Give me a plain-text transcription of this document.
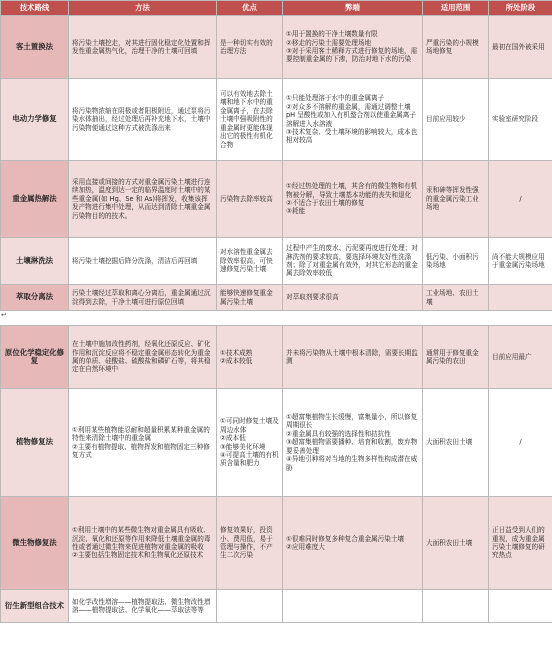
技术路线	方法	优点	弊端	适用范围	所处阶段
客土置换法	将污染土壤挖走，对其进行固化稳定化处置和挥发性重金属热气化，治理干净的土壤可回填	是一种切实有效的治理方法	①用于置换的干净土壤数量有限
②移走的污染土需要处理场地
③对于采用客土稀释方式进行修复的场地，需要控制重金属的下渗，防治对地下水的污染	严重污染的小规模场地修复	最初在国外被采用

电动力学修复	将污染物浓缩在阴极或者阳极附近，通过泵将污染水体抽出，经过处理后再补充地下水，土壤中污染物便通过这种方式被洗涤出来	可以有效地去除土壤和地下水中的重金属离子，在去除土壤中强吸附性的重金属时更能体现出它的极性有机化合物	①只能处理溶于水中的重金属离子
②对众多不溶解的重金属，需通过调整土壤 pH 呈酸性或加入有机螯合剂以使重金属离子溶解进入水溶液
③技术复杂、受土壤环境的影响较大，成本也相对较高	目前应用较少	实验室研究阶段

重金属热解法	采用直接或间接的方式对重金属污染土壤进行连续加热，温度到达一定的临界温度时土壤中的某些重金属(如 Hg、Se 和 As)将挥发，收集该挥发产物进行集中处理，从而达到清除土壤重金属污染物目的的技术。	污染物去除率较高	①经过热处理的土壤，其含有的微生物和有机物被分解，导致土壤基本功能的丧失和退化
②不适合于农田土壤的修复
③耗能	汞和砷等挥发性强的重金属污染工业场地	/

土壤淋洗法	将污染土壤挖掘后降分洗涤，清洁后再回填	对水溶性重金属去除效率很高，可快速修复污染土壤	过程中产生的废水、污泥要再度进行处理；对淋洗剂的要求较高，要选择环境友好性洗涤剂；除了对重金属有效外，对其它形态的重金属去除效率较低	低污染、小面积污染场地	尚不能大规模应用于重金属污染场地

萃取分离法	污染土壤经过萃取和离心分离后，重金属通过沉淀得到去除，干净土壤可进行原位回填	能够快速修复重金属污染土壤	对萃取剂要求很高	工业场地、农田土壤	

↵
原位化学稳定化修复	在土壤中施加改性药剂，经氧化还原反应、矿化作用和沉淀反应将不稳定重金属形态转化为重金属的单质、硅酸盐、硫酸盐和磷矿石等，将其稳定在自然环境中	①技术成熟
②成本较低	并未将污染物从土壤中根本清除，需要长期监测	通常用于修复重金属污染的农田	目前应用最广

植物修复法	①利用某些植物能忍耐和超量积累某种重金属的特性来清除土壤中的重金属
②主要有植物提取、植物挥发和植物固定三种修复方式	①可同时修复土壤及周边水体
②成本低
③能够美化环境
④可提高土壤的有机质含量和肥力	①超富集植物生长缓慢，富集量小，所以修复周期很长
②重金属具有较强的选择性和拮抗性
③超富集植物需要播种、培育和收割，废弃物要妥善处理
④异地引种将对当地的生物多样性构成潜在威胁	大面积农田土壤	/

微生物修复法	①利用土壤中的某些微生物对重金属具有吸收、沉淀、氧化和还原等作用来降低土壤重金属的毒性或者通过微生物来促进植物对重金属的吸收
②主要包括生物固定技术和生物氧化还原技术	修复效果好，投资小、费用低，易于管理与操作，不产生二次污染	①很难同时修复多种复合重金属污染土壤
②应用难度大	大面积农田土壤	正日益受到人们的重视，成为重金属污染土壤修复的研究热点

衍生新型组合技术	如化学改性增溶——植物提取法、微生物改性增溶——植物提取法、化学氧化——萃取法等等				
